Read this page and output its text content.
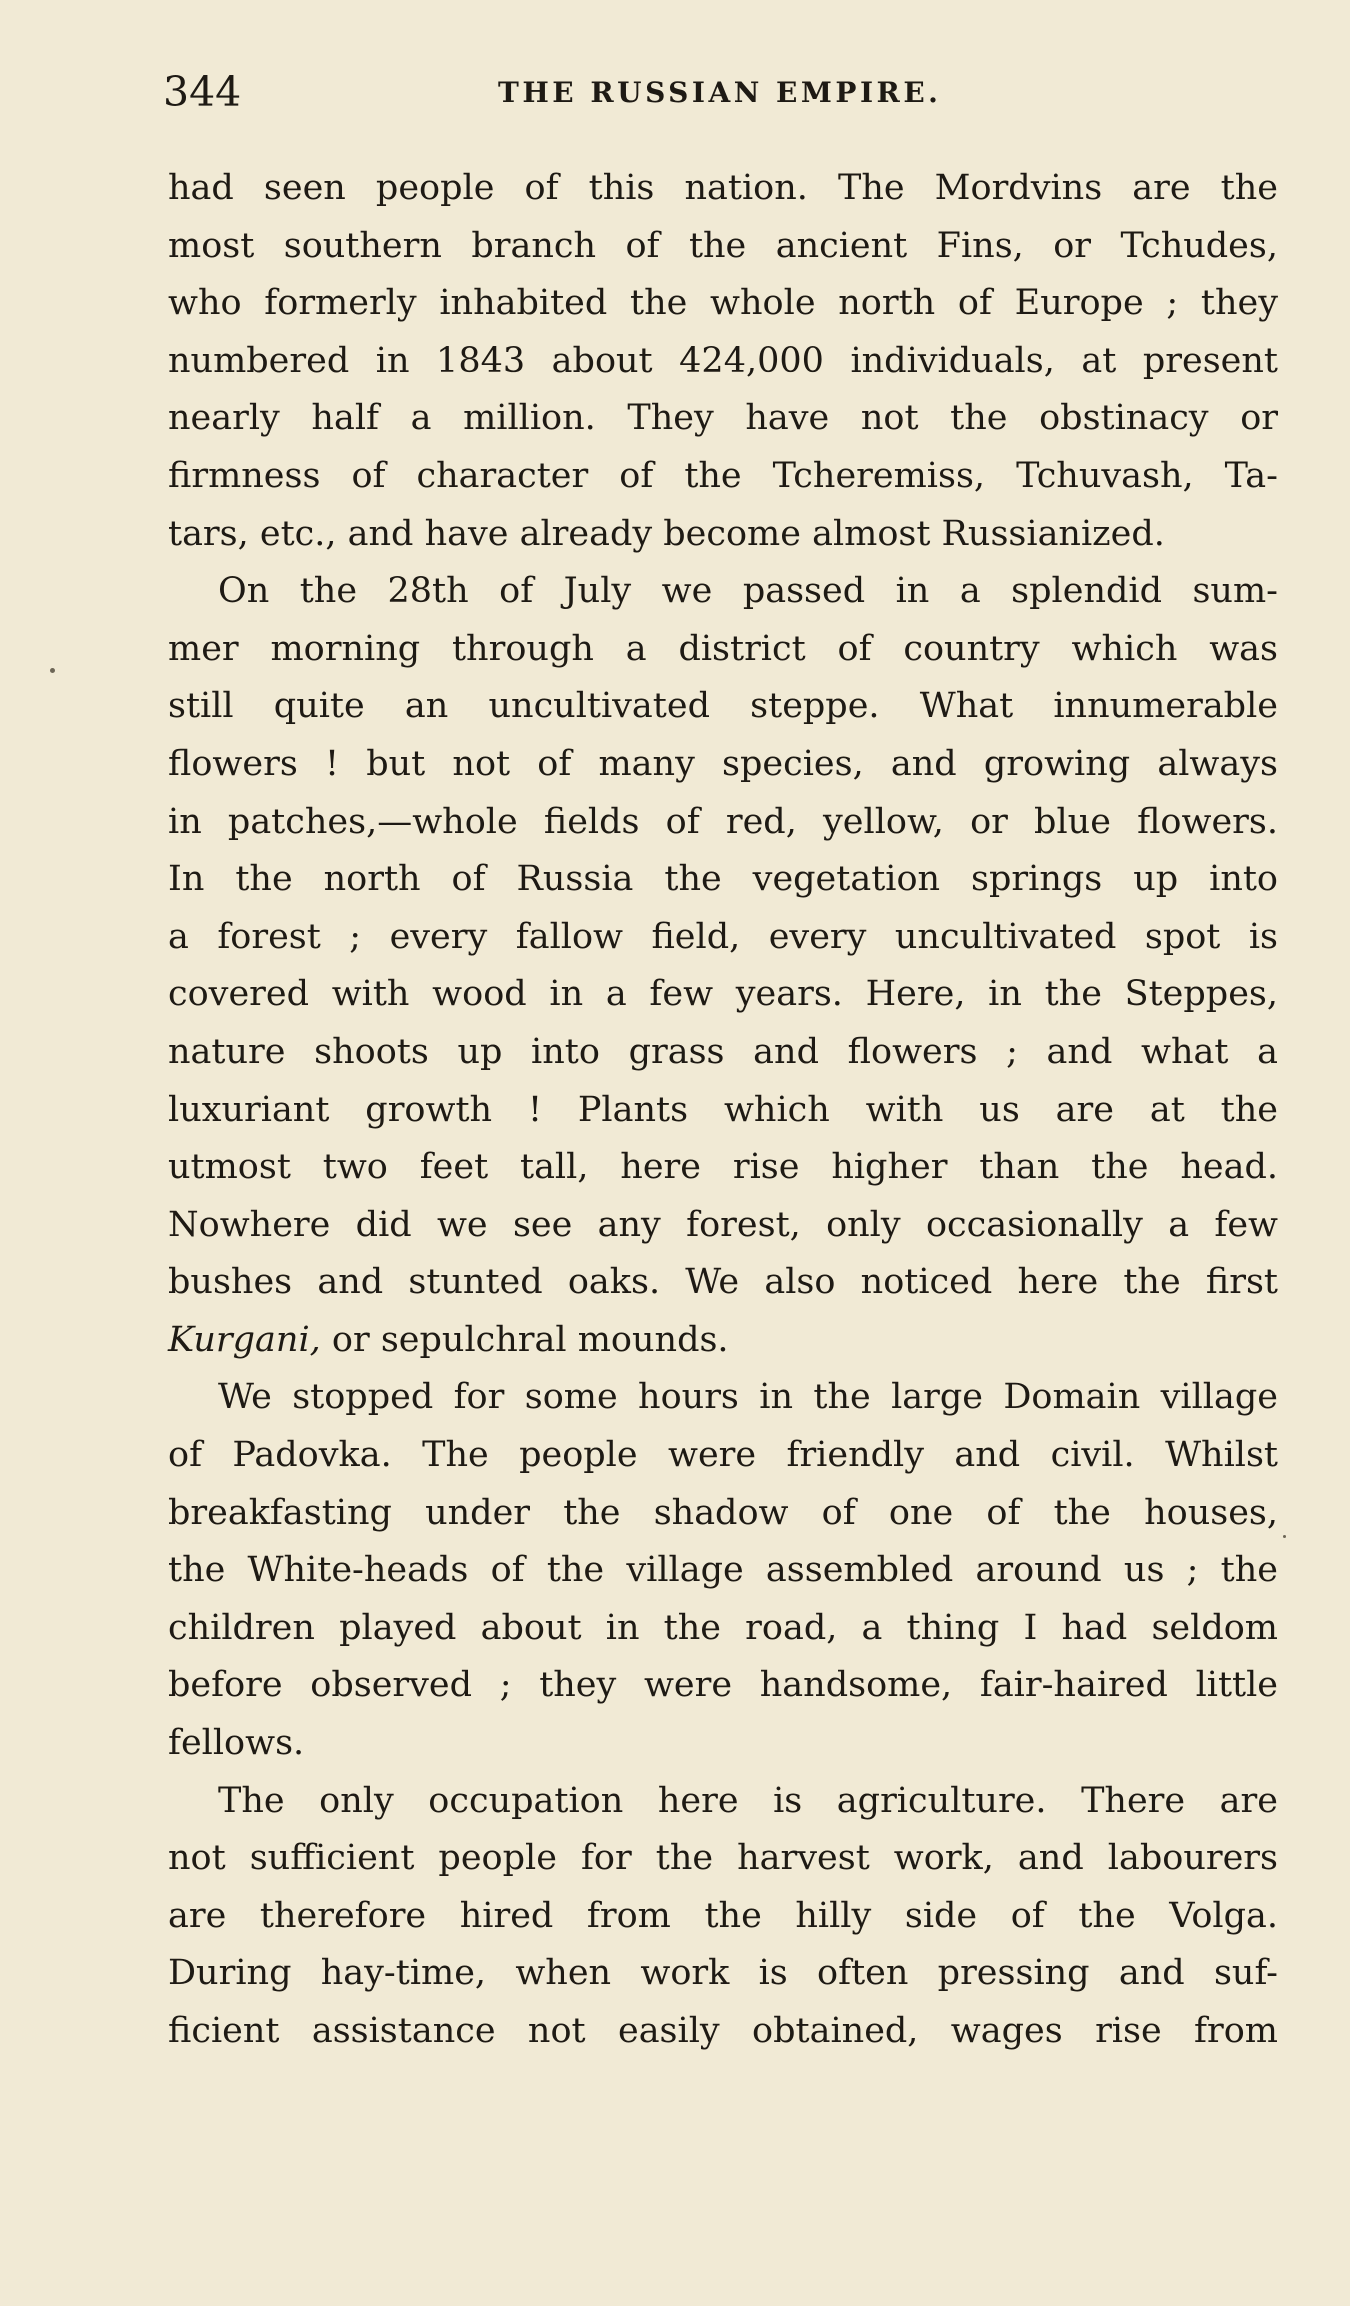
344	THE RUSSIAN EMPIRE.
had seen people of this nation. The Mordvins are the
most southern branch of the ancient Fins, or Tchudes,
who formerly inhabited the whole north of Europe ; they
numbered in 1843 about 424,000 individuals, at present
nearly half a million. They have not the obstinacy or
firmness of character of the Tcheremiss, Tchuvash, Ta-
tars, etc., and have already become almost Russianized.
On the 28th of July we passed in a splendid sum-
mer morning through a district of country which was
still quite an uncultivated steppe. What innumerable
flowers ! but not of many species, and growing always
in patches,—whole fields of red, yellow, or blue flowers.
In the north of Russia the vegetation springs up into
a forest ; every fallow field, every uncultivated spot is
covered with wood in a few years. Here, in the Steppes,
nature shoots up into grass and flowers ; and what a
luxuriant growth ! Plants which with us are at the
utmost two feet tall, here rise higher than the head.
Nowhere did we see any forest, only occasionally a few
bushes and stunted oaks. We also noticed here the first
Kurgani, or sepulchral mounds.
We stopped for some hours in the large Domain village
of Padovka. The people were friendly and civil. Whilst
breakfasting under the shadow of one of the houses,
the White-heads of the village assembled around us ; the
children played about in the road, a thing I had seldom
before observed ; they were handsome, fair-haired little
fellows.
The only occupation here is agriculture. There are
not sufficient people for the harvest work, and labourers
are therefore hired from the hilly side of the Volga.
During hay-time, when work is often pressing and suf-
ficient assistance not easily obtained, wages rise from
